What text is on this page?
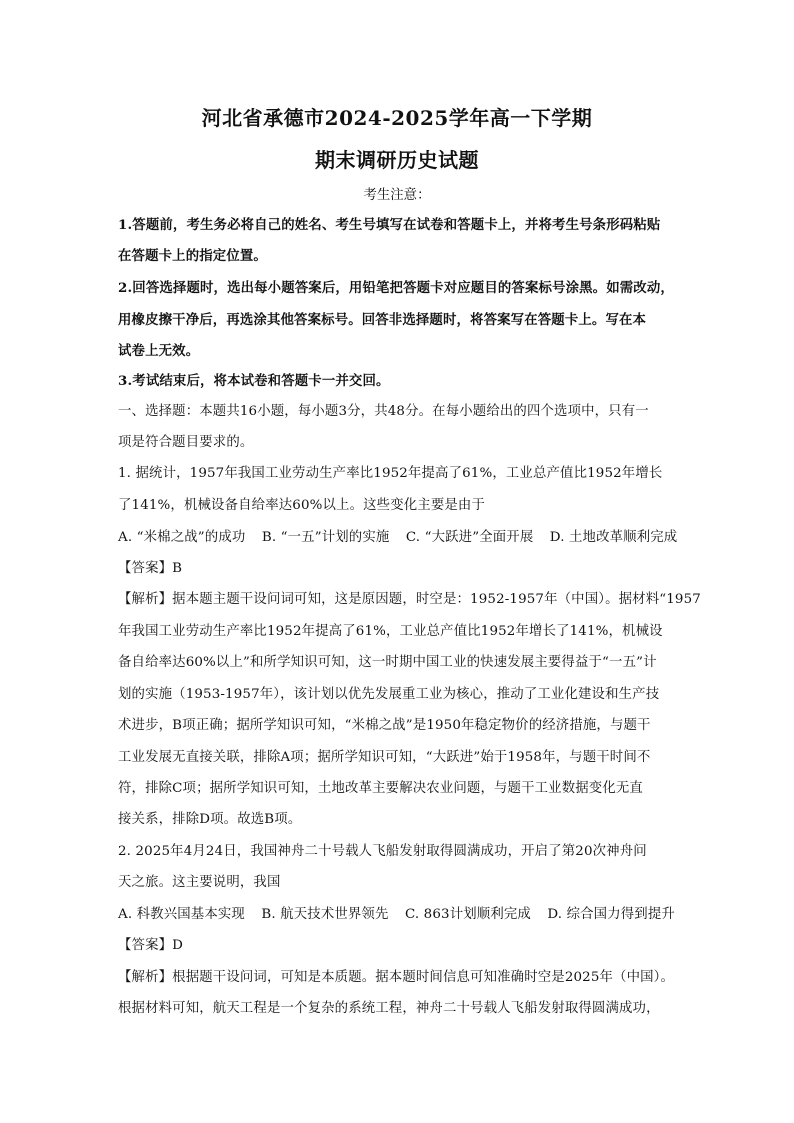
河北省承德市2024-2025学年高一下学期
期末调研历史试题
考生注意：
1.答题前，考生务必将自己的姓名、考生号填写在试卷和答题卡上，并将考生号条形码粘贴
在答题卡上的指定位置。
2.回答选择题时，选出每小题答案后，用铅笔把答题卡对应题目的答案标号涂黑。如需改动，
用橡皮擦干净后，再选涂其他答案标号。回答非选择题时，将答案写在答题卡上。写在本
试卷上无效。
3.考试结束后，将本试卷和答题卡一并交回。
一、选择题：本题共16小题，每小题3分，共48分。在每小题给出的四个选项中，只有一
项是符合题目要求的。
1. 据统计，1957年我国工业劳动生产率比1952年提高了61%，工业总产值比1952年增长
了141%，机械设备自给率达60%以上。这些变化主要是由于
A. “米棉之战”的成功 B. “一五”计划的实施 C. “大跃进”全面开展 D. 土地改革顺利完成
【答案】B
【解析】据本题主题干设问词可知，这是原因题，时空是：1952-1957年（中国）。据材料“1957
年我国工业劳动生产率比1952年提高了61%，工业总产值比1952年增长了141%，机械设
备自给率达60%以上”和所学知识可知，这一时期中国工业的快速发展主要得益于“一五”计
划的实施（1953-1957年），该计划以优先发展重工业为核心，推动了工业化建设和生产技
术进步，B项正确；据所学知识可知，“米棉之战”是1950年稳定物价的经济措施，与题干
工业发展无直接关联，排除A项；据所学知识可知，“大跃进”始于1958年，与题干时间不
符，排除C项；据所学知识可知，土地改革主要解决农业问题，与题干工业数据变化无直
接关系，排除D项。故选B项。
2. 2025年4月24日，我国神舟二十号载人飞船发射取得圆满成功，开启了第20次神舟问
天之旅。这主要说明，我国
A. 科教兴国基本实现 B. 航天技术世界领先 C. 863计划顺利完成 D. 综合国力得到提升
【答案】D
【解析】根据题干设问词，可知是本质题。据本题时间信息可知准确时空是2025年（中国）。
根据材料可知，航天工程是一个复杂的系统工程，神舟二十号载人飞船发射取得圆满成功，
